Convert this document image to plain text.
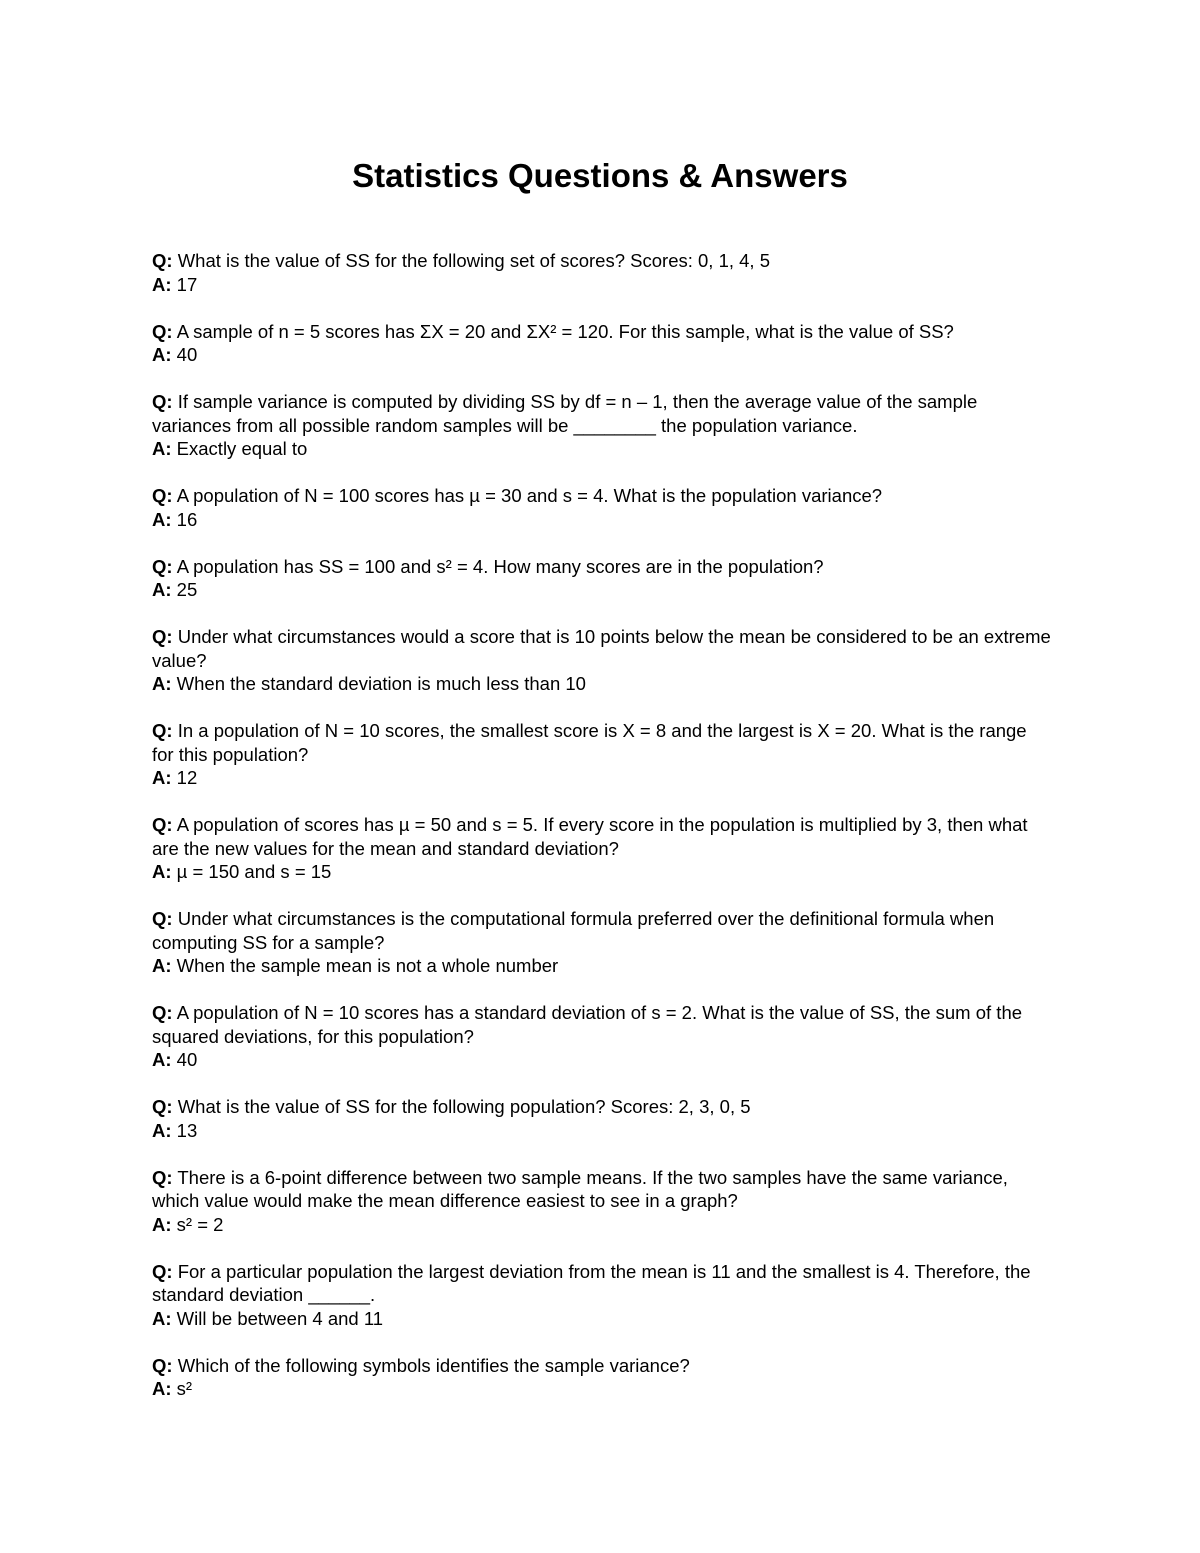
Statistics Questions & Answers

Q: What is the value of SS for the following set of scores? Scores: 0, 1, 4, 5

A: 17

Q: A sample of n = 5 scores has ΣX = 20 and ΣX² = 120. For this sample, what is the value of SS?

A: 40

Q: If sample variance is computed by dividing SS by df = n – 1, then the average value of the sample variances from all possible random samples will be ________ the population variance.

A: Exactly equal to

Q: A population of N = 100 scores has µ = 30 and s = 4. What is the population variance?

A: 16

Q: A population has SS = 100 and s² = 4. How many scores are in the population?

A: 25

Q: Under what circumstances would a score that is 10 points below the mean be considered to be an extreme value?

A: When the standard deviation is much less than 10

Q: In a population of N = 10 scores, the smallest score is X = 8 and the largest is X = 20. What is the range for this population?

A: 12

Q: A population of scores has µ = 50 and s = 5. If every score in the population is multiplied by 3, then what are the new values for the mean and standard deviation?

A: µ = 150 and s = 15

Q: Under what circumstances is the computational formula preferred over the definitional formula when computing SS for a sample?

A: When the sample mean is not a whole number

Q: A population of N = 10 scores has a standard deviation of s = 2. What is the value of SS, the sum of the squared deviations, for this population?

A: 40

Q: What is the value of SS for the following population? Scores: 2, 3, 0, 5

A: 13

Q: There is a 6-point difference between two sample means. If the two samples have the same variance, which value would make the mean difference easiest to see in a graph?

A: s² = 2

Q: For a particular population the largest deviation from the mean is 11 and the smallest is 4. Therefore, the standard deviation ______.

A: Will be between 4 and 11

Q: Which of the following symbols identifies the sample variance?

A: s²
